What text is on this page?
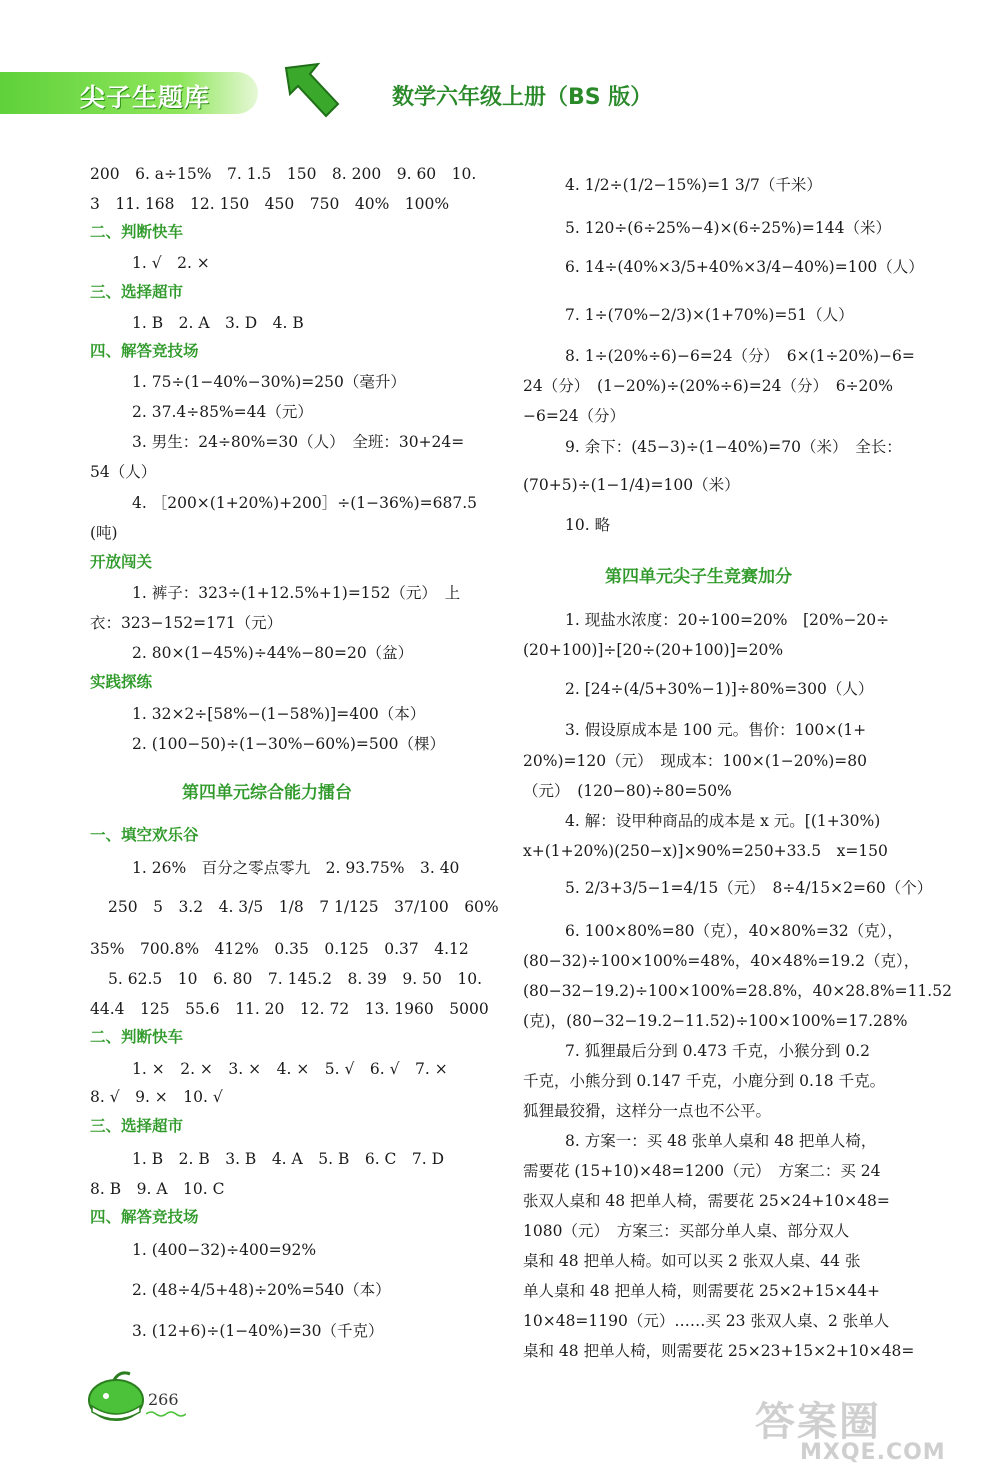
尖子生题库	数学六年级上册（BS 版）
200　6. a÷15%　7. 1.5　150　8. 200　9. 60　10.
3　11. 168　12. 150　450　750　40%　100%
二、判断快车
1. √　2. ×
三、选择超市
1. B　2. A　3. D　4. B
四、解答竞技场
1. 75÷(1−40%−30%)=250（毫升）
2. 37.4÷85%=44（元）
3. 男生：24÷80%=30（人）　全班：30+24=
54（人）
4. ［200×(1+20%)+200］÷(1−36%)=687.5
(吨)
开放闯关
1. 裤子：323÷(1+12.5%+1)=152（元）　上
衣：323−152=171（元）
2. 80×(1−45%)÷44%−80=20（盆）
实践探练
1. 32×2÷[58%−(1−58%)]=400（本）
2. (100−50)÷(1−30%−60%)=500（棵）
第四单元综合能力擂台
一、填空欢乐谷
1. 26%　百分之零点零九　2. 93.75%　3. 40
250　5　3.2　4. 3/5　1/8　7 1/125　37/100　60%
35%　700.8%　412%　0.35　0.125　0.37　4.12
5. 62.5　10　6. 80　7. 145.2　8. 39　9. 50　10.
44.4　125　55.6　11. 20　12. 72　13. 1960　5000
二、判断快车
1. ×　2. ×　3. ×　4. ×　5. √　6. √　7. ×
8. √　9. ×　10. √
三、选择超市
1. B　2. B　3. B　4. A　5. B　6. C　7. D
8. B　9. A　10. C
四、解答竞技场
1. (400−32)÷400=92%
2. (48÷4/5+48)÷20%=540（本）
3. (12+6)÷(1−40%)=30（千克）
4. 1/2÷(1/2−15%)=1 3/7（千米）
5. 120÷(6÷25%−4)×(6÷25%)=144（米）
6. 14÷(40%×3/5+40%×3/4−40%)=100（人）
7. 1÷(70%−2/3)×(1+70%)=51（人）
8. 1÷(20%÷6)−6=24（分）　6×(1÷20%)−6=
24（分）　(1−20%)÷(20%÷6)=24（分）　6÷20%
−6=24（分）
9. 余下：(45−3)÷(1−40%)=70（米）　全长：
(70+5)÷(1−1/4)=100（米）
10. 略
第四单元尖子生竞赛加分
1. 现盐水浓度：20÷100=20%　[20%−20÷
(20+100)]÷[20÷(20+100)]=20%
2. [24÷(4/5+30%−1)]÷80%=300（人）
3. 假设原成本是 100 元。售价：100×(1+
20%)=120（元）　现成本：100×(1−20%)=80
（元）　(120−80)÷80=50%
4. 解：设甲种商品的成本是 x 元。[(1+30%)
x+(1+20%)(250−x)]×90%=250+33.5　x=150
5. 2/3+3/5−1=4/15（元）　8÷4/15×2=60（个）
6. 100×80%=80（克），40×80%=32（克），
(80−32)÷100×100%=48%，40×48%=19.2（克），
(80−32−19.2)÷100×100%=28.8%，40×28.8%=11.52
(克)，(80−32−19.2−11.52)÷100×100%=17.28%
7. 狐狸最后分到 0.473 千克，小猴分到 0.2
千克，小熊分到 0.147 千克，小鹿分到 0.18 千克。
狐狸最狡猾，这样分一点也不公平。
8. 方案一：买 48 张单人桌和 48 把单人椅，
需要花 (15+10)×48=1200（元）　方案二：买 24
张双人桌和 48 把单人椅，需要花 25×24+10×48=
1080（元）　方案三：买部分单人桌、部分双人
桌和 48 把单人椅。如可以买 2 张双人桌、44 张
单人桌和 48 把单人椅，则需要花 25×2+15×44+
10×48=1190（元）……买 23 张双人桌、2 张单人
桌和 48 把单人椅，则需要花 25×23+15×2+10×48=
266	答案圈
MXQE.COM
